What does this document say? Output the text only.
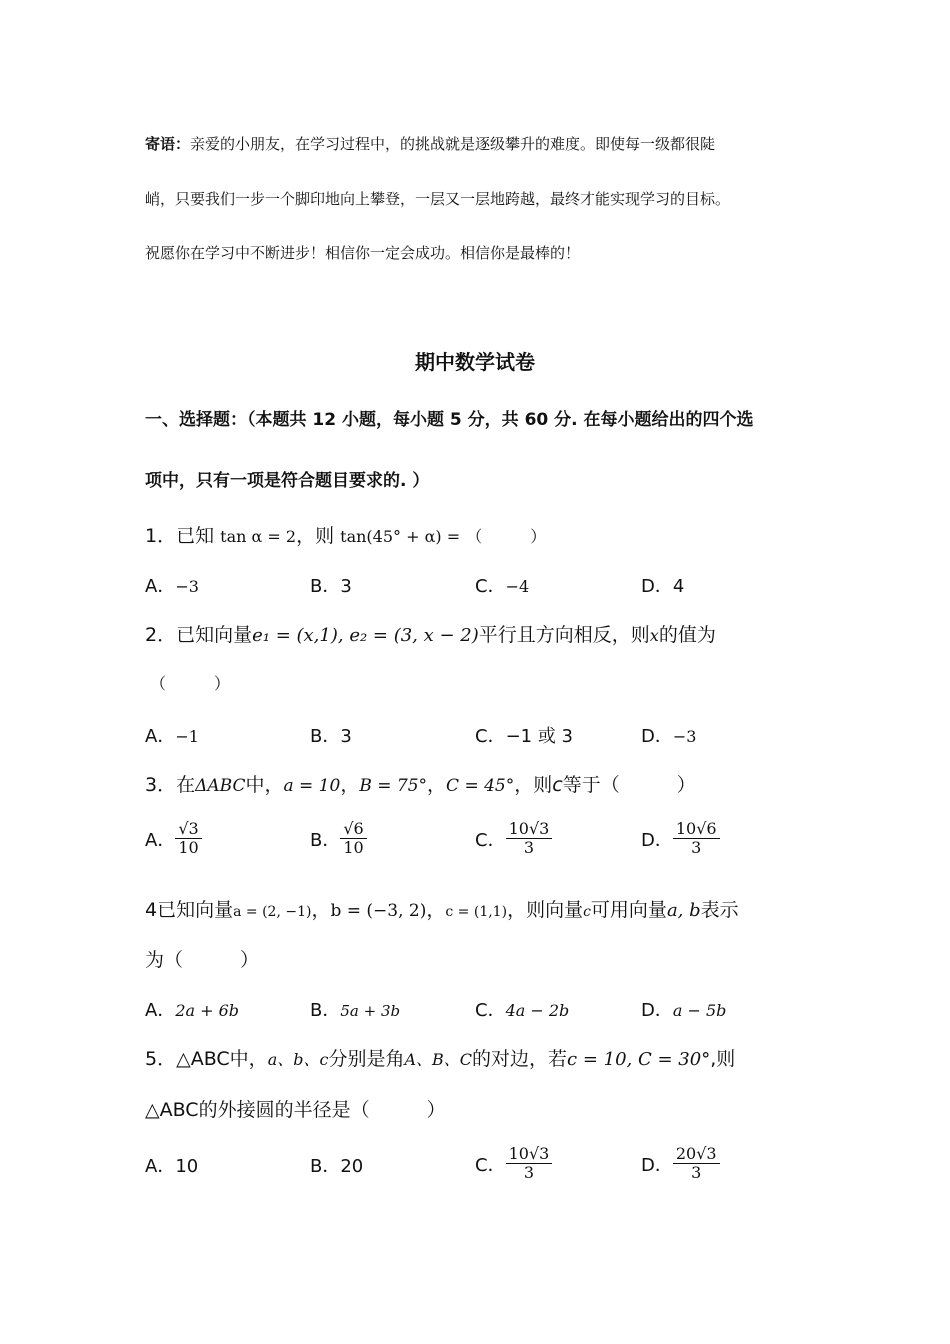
寄语：亲爱的小朋友，在学习过程中，的挑战就是逐级攀升的难度。即使每一级都很陡
峭，只要我们一步一个脚印地向上攀登，一层又一层地跨越，最终才能实现学习的目标。
祝愿你在学习中不断进步！相信你一定会成功。相信你是最棒的！
期中数学试卷
一、选择题：（本题共 12 小题，每小题 5 分，共 60 分. 在每小题给出的四个选
项中，只有一项是符合题目要求的. ）
1．已知 tan α = 2，则 tan(45° + α) = （　　　）
A．−3	B．3	C．−4	D．4
2．已知向量e₁ = (x,1), e₂ = (3, x − 2)平行且方向相反，则x的值为
（　　　）
A．−1	B．3	C．−1 或 3	D．−3
3．在ΔABC中，a = 10，B = 75°，C = 45°，则c等于（　　　）
A． $\frac{√3}{10}$	B． $\frac{√6}{10}$	C． $\frac{10√3}{3}$	D． $\frac{10√6}{3}$
4已知向量a = (2, −1)，b = (−3, 2)，c = (1,1)，则向量c可用向量a, b表示
为（　　　）
A．2a + 6b	B．5a + 3b	C．4a − 2b	D．a − 5b
5．△ABC中，a、b、c分别是角A、B、C的对边，若c = 10, C = 30°,则
△ABC的外接圆的半径是（　　　）
A．10	B．20	C． $\frac{10√3}{3}$	D． $\frac{20√3}{3}$
